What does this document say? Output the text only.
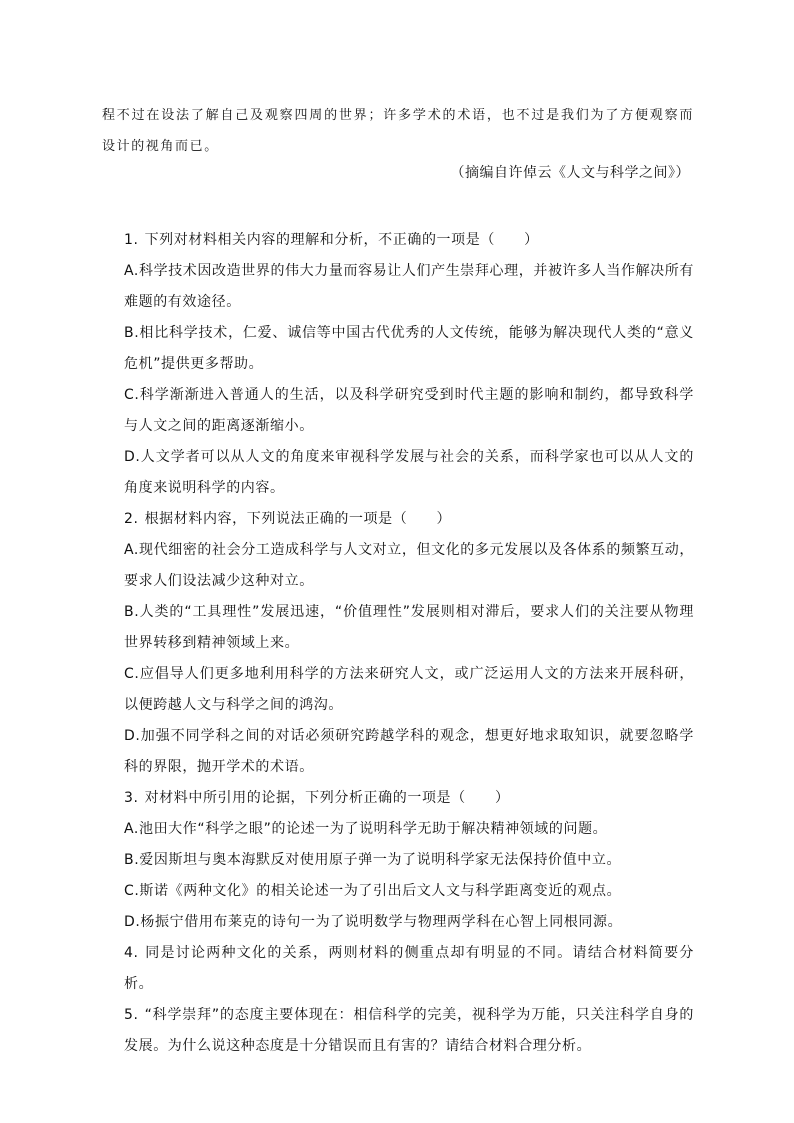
程不过在设法了解自己及观察四周的世界；许多学术的术语，也不过是我们为了方便观察而设计的视角而已。

（摘编自许倬云《人文与科学之间》）

1. 下列对材料相关内容的理解和分析，不正确的一项是（　　）

A.科学技术因改造世界的伟大力量而容易让人们产生崇拜心理，并被许多人当作解决所有难题的有效途径。

B.相比科学技术，仁爱、诚信等中国古代优秀的人文传统，能够为解决现代人类的“意义危机”提供更多帮助。

C.科学渐渐进入普通人的生活，以及科学研究受到时代主题的影响和制约，都导致科学与人文之间的距离逐渐缩小。

D.人文学者可以从人文的角度来审视科学发展与社会的关系，而科学家也可以从人文的角度来说明科学的内容。

2. 根据材料内容，下列说法正确的一项是（　　）

A.现代细密的社会分工造成科学与人文对立，但文化的多元发展以及各体系的频繁互动，要求人们设法减少这种对立。

B.人类的“工具理性”发展迅速，“价值理性”发展则相对滞后，要求人们的关注要从物理世界转移到精神领域上来。

C.应倡导人们更多地利用科学的方法来研究人文，或广泛运用人文的方法来开展科研，以便跨越人文与科学之间的鸿沟。

D.加强不同学科之间的对话必须研究跨越学科的观念，想更好地求取知识，就要忽略学科的界限，抛开学术的术语。

3. 对材料中所引用的论据，下列分析正确的一项是（　　）

A.池田大作“科学之眼”的论述一为了说明科学无助于解决精神领域的问题。

B.爱因斯坦与奥本海默反对使用原子弹一为了说明科学家无法保持价值中立。

C.斯诺《两种文化》的相关论述一为了引出后文人文与科学距离变近的观点。

D.杨振宁借用布莱克的诗句一为了说明数学与物理两学科在心智上同根同源。

4. 同是讨论两种文化的关系，两则材料的侧重点却有明显的不同。请结合材料简要分析。

5. “科学崇拜”的态度主要体现在：相信科学的完美，视科学为万能，只关注科学自身的发展。为什么说这种态度是十分错误而且有害的？请结合材料合理分析。
